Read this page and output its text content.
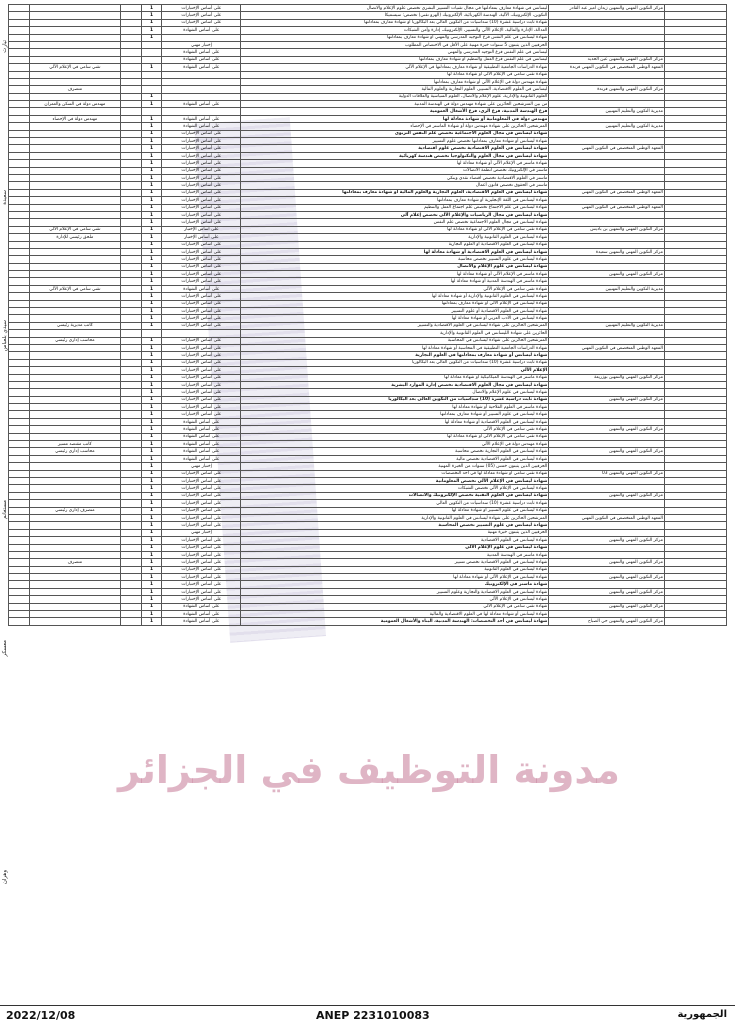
	مركز التكوين المهني والتمهين زيدان امير عبد القادر	ليسانس في شهادة معارف بمعادلتها في مجال تقنيات التسيير البشري تخصص علوم الإعلام والاتصال	على أساس الإختبارات	1			
		التكوين، الإلكترونيك، الآلية، الهندسة الكهربائية، الإلكترونيك (الهرو تقني) تخصص: سيسميكا	على أساس الإختبارات	1			
		شهادة ثابت دراسية عشرة (10) سداسيات من التكوين العالي بعد البكالوريا أو شهادة معارف بمعادلتها	على أساس الإختبارات	1			
		العدالة، الإدارة والمالية، الإعلام الآلي والتسيير، الإلكترونيك، إدارة وأمن الشبكات	على أساس الشهادة	1			
		شهادة ليسانس في علم النفس فرع التوجيه المدرسي والمهني أو شهادة معارف بمعادلتها		1			
		الحرفيين الذين يثبتون 5 سنوات خبرة مهنية على الأقل في الاختصاص المطلوب	إختبار مهني				
		ليسانس في علم النفس فرع التوجيه المدرسي والمهني	على أساس الشهادة				
	مركز التكوين المهني والتمهين عين الحديد	ليسانس في علم النفس فرع العمل والتنظيم أو شهادة معارف بمعادلتها	على أساس الشهادة				
	المعهد الوطني المتخصص في التكوين المهني فرندة	شهادة الدراسات الجامعية التطبيقية أو شهادة معارف بمعادلتها في الإعلام الآلي	على أساس الشهادة	1		تقني سامي في الإعلام الآلي	
		شهادة تقني سامي في الإعلام الآلي أو شهادة معادلة لها					
		شهادة مهندس دولة في الإعلام الآلي أو شهادة معارف بمعادلتها					
	مركز التكوين المهني والتمهين فرندة	ليسانس في العلوم الاقتصادية، التسيير، العلوم التجارية والعلوم المالية				متصرف	
		العلوم القانونية والإدارية، علوم الإعلام والاتصال، العلوم السياسية والعلاقات الدولية		1			
		من بين المترشحين الحائزين على شهادة مهندس دولة في الهندسة المدنية	على أساس الشهادة	1		مهندس دولة في السكن والعمران	
	مديرية التكوين والتعليم المهنيين	فرع الهندسة المدنية، فرع الري، فرع الأشغال العمومية					
		مهندس دولة في المعلوماتية أو شهادة معادلة لها	على أساس الشهادة	1		مهندس دولة في الإحصاء	
	مديرية التكوين والتعليم المهنيين	المترشحين الحائزين على شهادة مهندس دولة أو شهادة الماستر في الإحصاء	على أساس الشهادة	1			
		شهادة ليسانس في مجال العلوم الاجتماعية تخصص علم النفس التربوي	على أساس الإختبارات	1			
		شهادة ليسانس أو شهادة معارف بمعادلتها تخصص علوم التسيير	على أساس الإختبارات	1			
	المعهد الوطني المتخصص في التكوين المهني	شهادة ليسانس في العلوم الاقتصادية تخصص علوم اقتصادية	على أساس الإختبارات	1			
		شهادة ليسانس في مجال العلوم والتكنولوجيا تخصص هندسة كهربائية	على أساس الإختبارات	1			
		شهادة ماستر في الإعلام الآلي أو شهادة معادلة لها	على أساس الإختبارات	1			
		ماستر في الإلكترونيك تخصص أنظمة الاتصالات	على أساس الإختبارات	1			
		ماستر في العلوم الاقتصادية تخصص اقتصاد نقدي وبنكي	على أساس الإختبارات	1			
		ماستر في الحقوق تخصص قانون أعمال	على أساس الإختبارات	1			
	المعهد الوطني المتخصص في التكوين المهني	شهادة ليسانس في العلوم الاقتصادية، العلوم التجارية والعلوم المالية أو شهادة معارف بمعادلتها	على أساس الإختبارات	1			
		شهادة ليسانس في اللغة الإنجليزية أو شهادة معارف بمعادلتها	على أساس الإختبارات	1			
	المعهد الوطني المتخصص في التكوين المهني	شهادة ليسانس في علم الاجتماع تخصص علم اجتماع العمل والتنظيم	على أساس الإختبارات	1			
		شهادة ليسانس في مجال الرياضيات والإعلام الآلي تخصص إعلام آلي	على أساس الإختبارات	1			
		شهادة ليسانس في مجال العلوم الاجتماعية تخصص علم النفس	على أساس الإختبارات	1			
	مركز التكوين المهني والتمهين بن باديس	شهادة تقني سامي في الإعلام الآلي أو شهادة معادلة لها	على أساس الإختبار	1		تقني سامي في الإعلام الآلي	
		شهادة ليسانس في العلوم القانونية والإدارية	على أساس الإختبار	1		ملحق رئيسي للإدارة	
		شهادة ليسانس في العلوم الاقتصادية أو العلوم التجارية	على أساس الإختبارات	1			
	مركز التكوين المهني والتمهين سعيدة	شهادة ليسانس في العلوم الاقتصادية أو شهادة معادلة لها	على أساس الإختبارات	1			
		شهادة ليسانس في علوم التسيير تخصص محاسبة	على أساس الإختبارات	1			
		شهادة ليسانس في علوم الإعلام والاتصال	على أساس الإختبارات	1			
	مركز التكوين المهني والتمهين	شهادة ماستر في الإعلام الآلي أو شهادة معادلة لها	على أساس الإختبارات	1			
		شهادة ماستر في الهندسة المدنية أو شهادة معادلة لها	على أساس الإختبارات	1			
	مديرية التكوين والتعليم المهنيين	شهادة تقني سامي في الإعلام الآلي	على أساس الشهادة	1		تقني سامي في الإعلام الآلي	
		شهادة ليسانس في العلوم القانونية والإدارية أو شهادة معادلة لها	على أساس الإختبارات	1			
		شهادة ليسانس في الإعلام الآلي أو شهادة معارف بمعادلتها	على أساس الإختبارات	1			
		شهادة ليسانس في العلوم الاقتصادية أو علوم التسيير	على أساس الإختبارات	1			
		شهادة ليسانس في الأدب العربي أو شهادة معادلة لها	على أساس الإختبارات	1			
	مديرية التكوين والتعليم المهنيين	المترشحين الحائزين على شهادة ليسانس في العلوم الاقتصادية والتسيير	على أساس الإختبارات	1		كاتب مديرية رئيسي	
		الحائزين على شهادة الليسانس في العلوم القانونية والإدارية					
		المترشحين الحائزين على شهادة ليسانس في المحاسبة	على أساس الإختبارات	1		محاسب إداري رئيسي	
	المعهد الوطني المتخصص في التكوين المهني	شهادة الدراسات الجامعية التطبيقية في المحاسبة أو شهادة معادلة لها	على أساس الإختبارات	1			
		شهادة ليسانس أو شهادة معارف بمعادلتها في العلوم التجارية	على أساس الإختبارات	1			
		شهادة ثابت دراسية عشرة (10) سداسيات من التكوين العالي بعد البكالوريا	على أساس الإختبارات	1			
		الإعلام الآلي	على أساس الإختبارات	1			
	مركز التكوين المهني والتمهين بوزريعة	شهادة ماستر في الهندسة الميكانيكية أو شهادة معادلة لها	على أساس الإختبارات	1			
		شهادة ليسانس في مجال العلوم الاقتصادية تخصص إدارة الموارد البشرية	على أساس الإختبارات	1			
		شهادة ليسانس في علوم الإعلام والاتصال	على أساس الإختبارات	1			
	مركز التكوين المهني والتمهين	شهادة ثابت دراسية عشرة (10) سداسيات من التكوين العالي بعد البكالوريا	على أساس الإختبارات	1			
		شهادة ماستر في العلوم الفلاحية أو شهادة معادلة لها	على أساس الإختبارات	1			
		شهادة ليسانس في علوم التسيير أو شهادة معارف بمعادلتها	على أساس الإختبارات	1			
		شهادة ليسانس في العلوم الاقتصادية أو شهادة معادلة لها	على أساس الشهادة	1			
	مركز التكوين المهني والتمهين	شهادة تقني سامي في الإعلام الآلي	على أساس الشهادة	1			
		شهادة تقني سامي في الإعلام الآلي أو شهادة معادلة لها	على أساس الشهادة	1			
		شهادة مهندس دولة في الإعلام الآلي	على أساس الشهادة	1		كاتب مقتصد مسير	
	مركز التكوين المهني والتمهين	شهادة ليسانس في العلوم التجارية تخصص محاسبة	على أساس الشهادة	1		محاسب إداري رئيسي	
		شهادة ليسانس في العلوم الاقتصادية تخصص مالية	على أساس الشهادة	1			
		الحرفيين الذين يثبتون خمس (05) سنوات من الخبرة المهنية	إختبار مهني	1			
	مركز التكوين المهني والتمهين 03	شهادة تقني سامي أو شهادة معادلة لها في أحد التخصصات	على أساس الإختبارات	1			
		شهادة ليسانس في الإعلام الآلي تخصص المعلوماتية	على أساس الإختبارات	1			
		شهادة ليسانس في الإعلام الآلي تخصص الشبكات	على أساس الإختبارات	1			
	مركز التكوين المهني والتمهين	شهادة ليسانس في العلوم التقنية تخصص الإلكترونيك والاتصالات	على أساس الإختبارات	1			
		شهادة ثابت دراسية عشرة (10) سداسيات من التكوين العالي	على أساس الإختبارات	1			
		شهادة ليسانس في علوم التسيير أو شهادة معادلة لها	على أساس الإختبارات	1		متصرف إداري رئيسي	
	المعهد الوطني المتخصص في التكوين المهني	المترشحين الحائزين على شهادة ليسانس في العلوم القانونية والإدارية	على أساس الإختبارات	1			
		شهادة ليسانس في علوم التسيير تخصص المحاسبة	على أساس الإختبارات	1			
		الحرفيين الذين يثبتون خبرة مهنية	إختبار مهني	1			
	مركز التكوين المهني والتمهين	شهادة ليسانس في العلوم الاقتصادية	على أساس الإختبارات	1			
		شهادة ليسانس في علوم الإعلام الآلي	على أساس الإختبارات	1			
		شهادة ماستر في الهندسة المدنية	على أساس الإختبارات	1			
	مركز التكوين المهني والتمهين	شهادة ليسانس في العلوم الاقتصادية تخصص تسيير	على أساس الإختبارات	1		متصرف	
		شهادة ليسانس في العلوم القانونية	على أساس الإختبارات	1			
	مركز التكوين المهني والتمهين	شهادة ليسانس في الإعلام الآلي أو شهادة معادلة لها	على أساس الإختبارات	1			
		شهادة ماستر في الإلكترونيك	على أساس الإختبارات	1			
	مركز التكوين المهني والتمهين	شهادة ليسانس في العلوم الاقتصادية والتجارية وعلوم التسيير	على أساس الإختبارات	1			
		شهادة ليسانس في الإعلام الآلي	على أساس الإختبارات	1			
	مركز التكوين المهني والتمهين	شهادة تقني سامي في الإعلام الآلي	على أساس الشهادة	1			
		شهادة ليسانس أو شهادة معادلة لها في العلوم الاقتصادية والمالية	على أساس الشهادة	1			
	مركز التكوين المهني والتمهين حي الصباح	شهادة ليسانس في أحد التخصصات: الهندسة المدنية، البناء والأشغال العمومية	على أساس الشهادة	1			
تيارت
سعيدة
سيدي بلعباس
مستغانم
معسكر
وهران
مدونة التوظيف في الجزائر
2022/12/08	ANEP 2231010083	الجمهورية
